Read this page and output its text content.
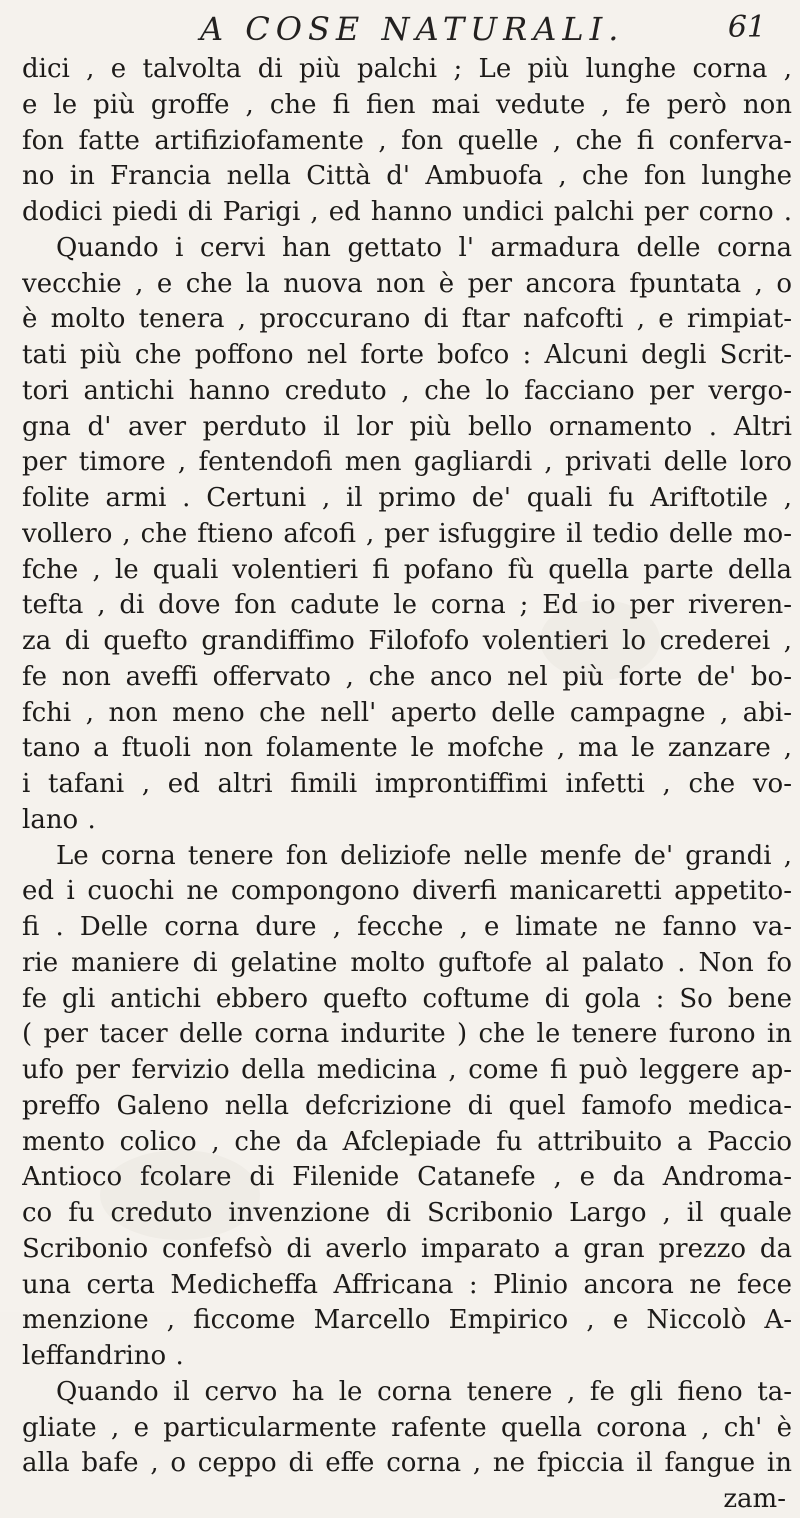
A COSE NATURALI.	61
dici , e talvolta di più palchi ; Le più lunghe corna ,
e le più groffe , che fi fien mai vedute , fe però non
fon fatte artifiziofamente , fon quelle , che fi conferva-
no in Francia nella Città d' Ambuofa , che fon lunghe
dodici piedi di Parigi , ed hanno undici palchi per corno .
Quando i cervi han gettato l' armadura delle corna
vecchie , e che la nuova non è per ancora fpuntata , o
è molto tenera , proccurano di ftar nafcofti , e rimpiat-
tati più che poffono nel forte bofco : Alcuni degli Scrit-
tori antichi hanno creduto , che lo facciano per vergo-
gna d' aver perduto il lor più bello ornamento . Altri
per timore , fentendofi men gagliardi , privati delle loro
folite armi . Certuni , il primo de' quali fu Ariftotile ,
vollero , che ftieno afcofi , per isfuggire il tedio delle mo-
fche , le quali volentieri fi pofano fù quella parte della
tefta , di dove fon cadute le corna ; Ed io per riveren-
za di quefto grandiffimo Filofofo volentieri lo crederei ,
fe non aveffi offervato , che anco nel più forte de' bo-
fchi , non meno che nell' aperto delle campagne , abi-
tano a ftuoli non folamente le mofche , ma le zanzare ,
i tafani , ed altri fimili improntiffimi infetti , che vo-
lano .
Le corna tenere fon deliziofe nelle menfe de' grandi ,
ed i cuochi ne compongono diverfi manicaretti appetito-
fi . Delle corna dure , fecche , e limate ne fanno va-
rie maniere di gelatine molto guftofe al palato . Non fo
fe gli antichi ebbero quefto coftume di gola : So bene
( per tacer delle corna indurite ) che le tenere furono in
ufo per fervizio della medicina , come fi può leggere ap-
preffo Galeno nella defcrizione di quel famofo medica-
mento colico , che da Afclepiade fu attribuito a Paccio
Antioco fcolare di Filenide Catanefe , e da Androma-
co fu creduto invenzione di Scribonio Largo , il quale
Scribonio confefsò di averlo imparato a gran prezzo da
una certa Medicheffa Affricana : Plinio ancora ne fece
menzione , ficcome Marcello Empirico , e Niccolò A-
leffandrino .
Quando il cervo ha le corna tenere , fe gli fieno ta-
gliate , e particularmente rafente quella corona , ch' è
alla bafe , o ceppo di effe corna , ne fpiccia il fangue in
zam-
